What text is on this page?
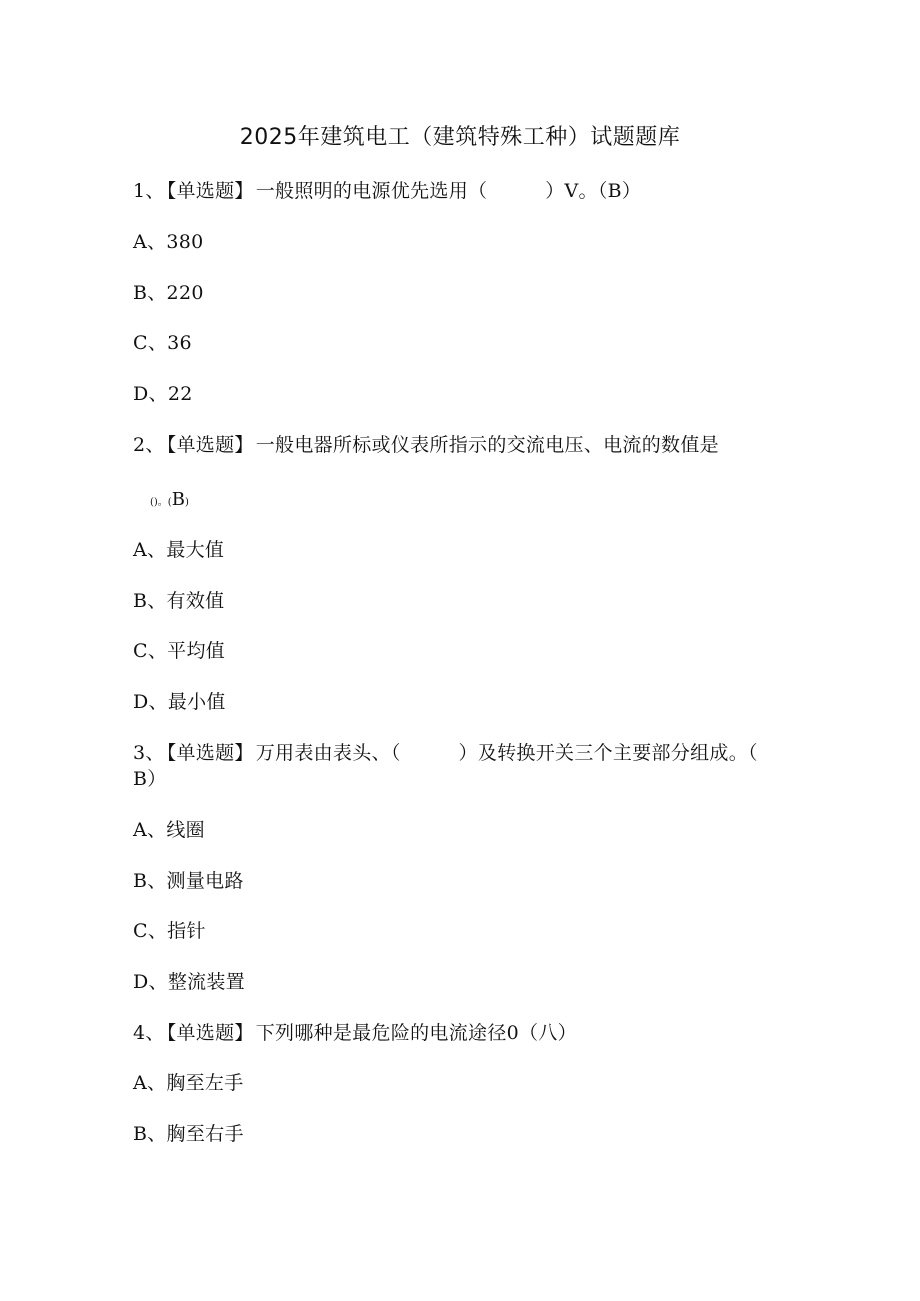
2025年建筑电工（建筑特殊工种）试题题库
1、 【单选题】 一般照明的电源优先选用（　　　）V。（B）
A、380
B、220
C、36
D、22
2、 【单选题】 一般电器所标或仪表所指示的交流电压、电流的数值是
()。(B)
A、最大值
B、有效值
C、平均值
D、最小值
3、 【单选题】 万用表由表头、（　　　）及转换开关三个主要部分组成。（
B）
A、线圈
B、测量电路
C、指针
D、整流装置
4、 【单选题】 下列哪种是最危险的电流途径0（八）
A、胸至左手
B、胸至右手
